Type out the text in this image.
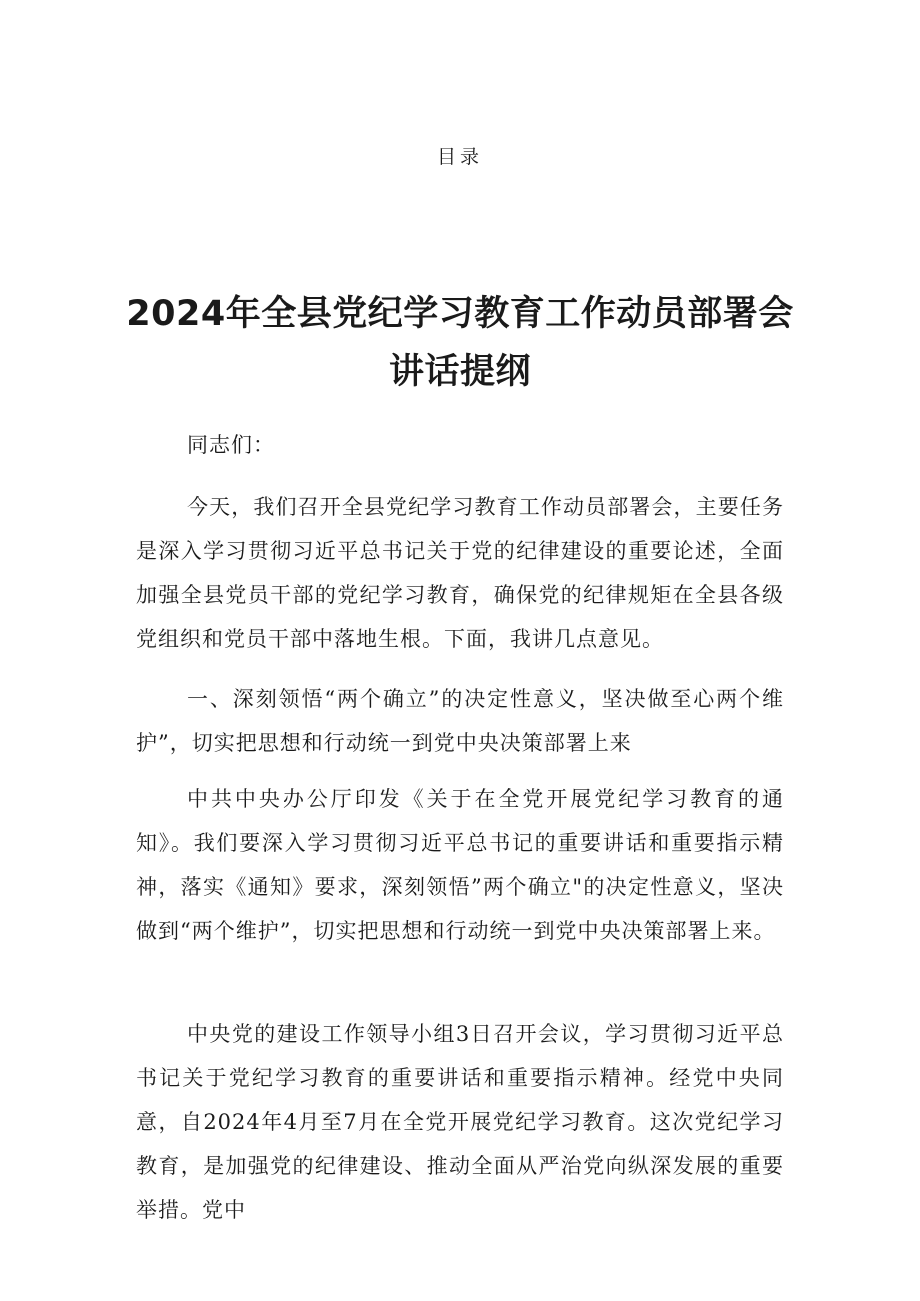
目录
2024年全县党纪学习教育工作动员部署会讲话提纲
同志们：

今天，我们召开全县党纪学习教育工作动员部署会，主要任务是深入学习贯彻习近平总书记关于党的纪律建设的重要论述，全面加强全县党员干部的党纪学习教育，确保党的纪律规矩在全县各级党组织和党员干部中落地生根。下面，我讲几点意见。

一、深刻领悟“两个确立”的决定性意义，坚决做至心两个维护”，切实把思想和行动统一到党中央决策部署上来

中共中央办公厅印发《关于在全党开展党纪学习教育的通知》。我们要深入学习贯彻习近平总书记的重要讲话和重要指示精神，落实《通知》要求，深刻领悟”两个确立"的决定性意义，坚决做到“两个维护”，切实把思想和行动统一到党中央决策部署上来。

中央党的建设工作领导小组3日召开会议，学习贯彻习近平总书记关于党纪学习教育的重要讲话和重要指示精神。经党中央同意，自2024年4月至7月在全党开展党纪学习教育。这次党纪学习教育，是加强党的纪律建设、推动全面从严治党向纵深发展的重要举措。党中
